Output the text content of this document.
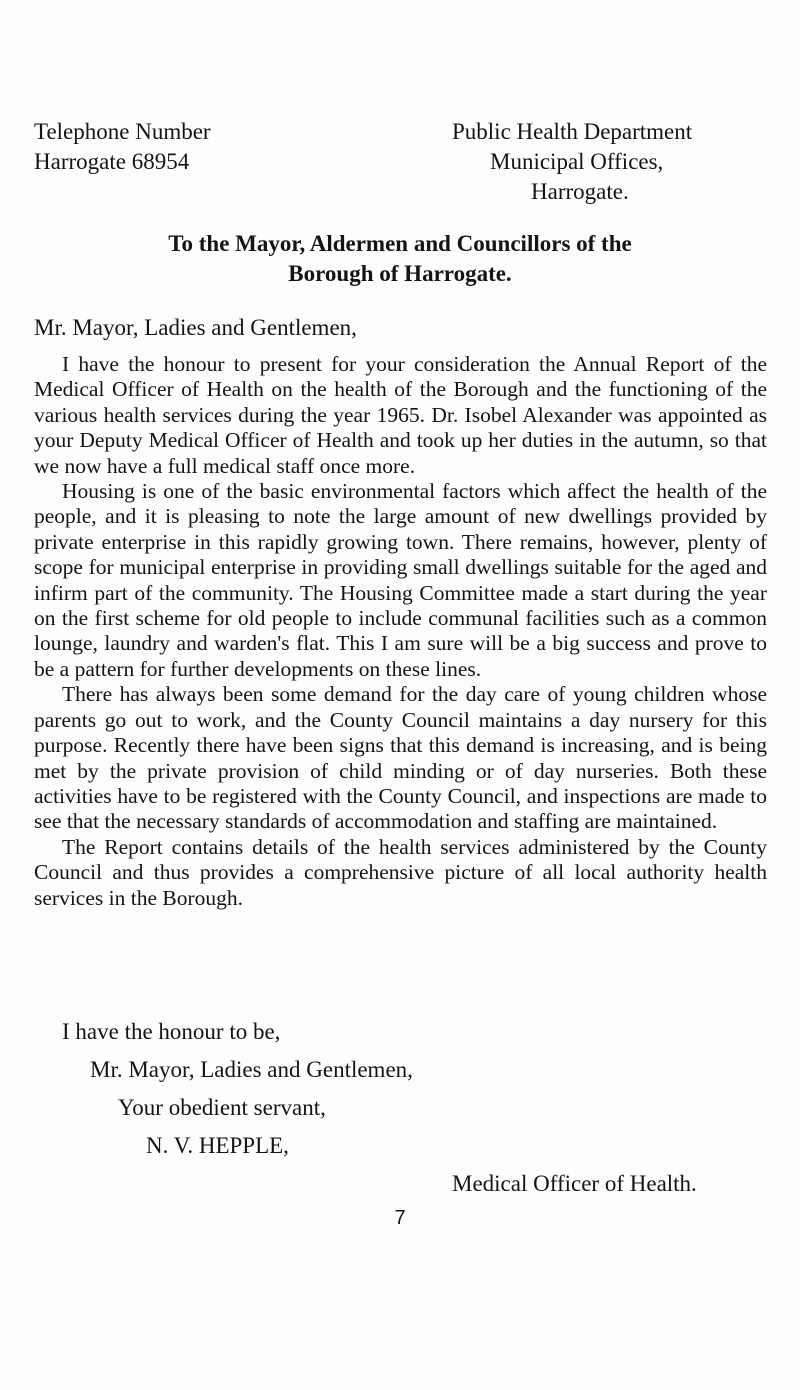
Telephone Number
Harrogate 68954
Public Health Department
Municipal Offices,
Harrogate.
To the Mayor, Aldermen and Councillors of the
Borough of Harrogate.
Mr. Mayor, Ladies and Gentlemen,

I have the honour to present for your consideration the Annual Report of the Medical Officer of Health on the health of the Borough and the functioning of the various health services during the year 1965. Dr. Isobel Alexander was appointed as your Deputy Medical Officer of Health and took up her duties in the autumn, so that we now have a full medical staff once more.

Housing is one of the basic environmental factors which affect the health of the people, and it is pleasing to note the large amount of new dwellings provided by private enterprise in this rapidly growing town. There remains, however, plenty of scope for municipal enterprise in providing small dwellings suitable for the aged and infirm part of the community. The Housing Committee made a start during the year on the first scheme for old people to include communal facilities such as a common lounge, laundry and warden's flat. This I am sure will be a big success and prove to be a pattern for further developments on these lines.

There has always been some demand for the day care of young children whose parents go out to work, and the County Council maintains a day nursery for this purpose. Recently there have been signs that this demand is increasing, and is being met by the private provision of child minding or of day nurseries. Both these activities have to be registered with the County Council, and inspections are made to see that the necessary standards of accommodation and staffing are maintained.

The Report contains details of the health services administered by the County Council and thus provides a comprehensive picture of all local authority health services in the Borough.

I have the honour to be,
Mr. Mayor, Ladies and Gentlemen,
Your obedient servant,
N. V. HEPPLE,
Medical Officer of Health.
7
